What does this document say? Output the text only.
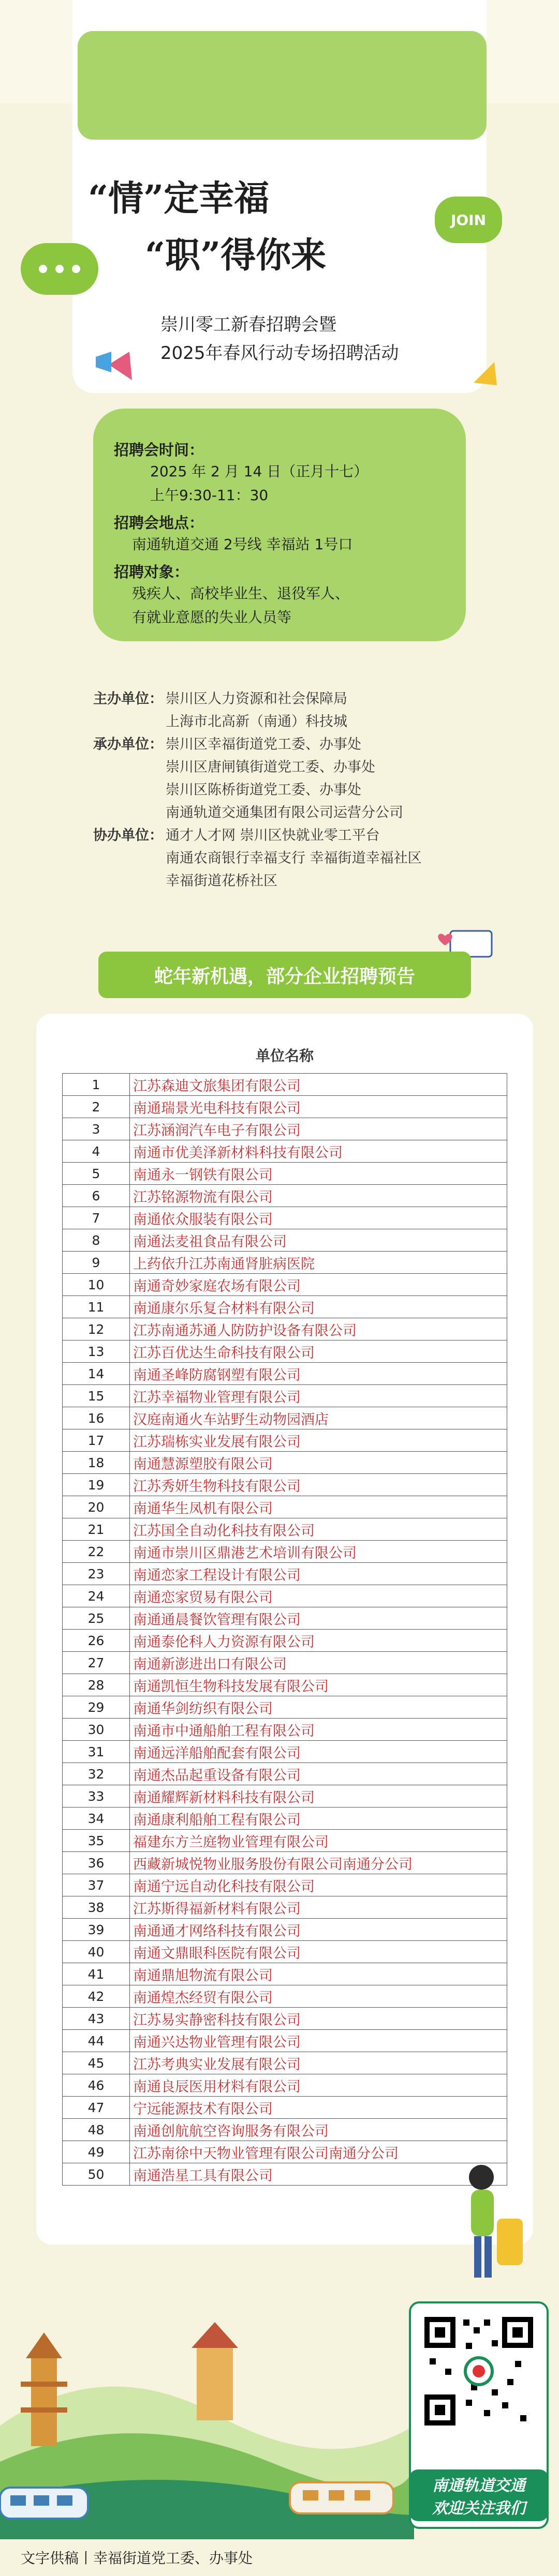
“情”定幸福
“职”得你来
崇川零工新春招聘会暨
2025年春风行动专场招聘活动
JOIN
招聘会时间：
2025 年 2 月 14 日（正月十七）
上午9:30-11：30
招聘会地点：
南通轨道交通 2号线 幸福站 1号口
招聘对象：
残疾人、高校毕业生、退役军人、
有就业意愿的失业人员等
主办单位： 崇川区人力资源和社会保障局
上海市北高新（南通）科技城
承办单位： 崇川区幸福街道党工委、办事处
崇川区唐闸镇街道党工委、办事处
崇川区陈桥街道党工委、办事处
南通轨道交通集团有限公司运营分公司
协办单位： 通才人才网 崇川区快就业零工平台
南通农商银行幸福支行 幸福街道幸福社区
幸福街道花桥社区
蛇年新机遇，部分企业招聘预告
单位名称
1	江苏森迪文旅集团有限公司
2	南通瑞景光电科技有限公司
3	江苏涵润汽车电子有限公司
4	南通市优美泽新材料科技有限公司
5	南通永一钢铁有限公司
6	江苏铭源物流有限公司
7	南通依众服装有限公司
8	南通法麦祖食品有限公司
9	上药依升江苏南通肾脏病医院
10	南通奇妙家庭农场有限公司
11	南通康尔乐复合材料有限公司
12	江苏南通苏通人防防护设备有限公司
13	江苏百优达生命科技有限公司
14	南通圣峰防腐钢塑有限公司
15	江苏幸福物业管理有限公司
16	汉庭南通火车站野生动物园酒店
17	江苏瑞栋实业发展有限公司
18	南通慧源塑胶有限公司
19	江苏秀妍生物科技有限公司
20	南通华生凤机有限公司
21	江苏国全自动化科技有限公司
22	南通市崇川区鼎港艺术培训有限公司
23	南通恋家工程设计有限公司
24	南通恋家贸易有限公司
25	南通通晨餐饮管理有限公司
26	南通泰伦科人力资源有限公司
27	南通新澎进出口有限公司
28	南通凯恒生物科技发展有限公司
29	南通华剑纺织有限公司
30	南通市中通船舶工程有限公司
31	南通远洋船舶配套有限公司
32	南通杰品起重设备有限公司
33	南通耀辉新材料科技有限公司
34	南通康利船舶工程有限公司
35	福建东方兰庭物业管理有限公司
36	西藏新城悦物业服务股份有限公司南通分公司
37	南通宁远自动化科技有限公司
38	江苏斯得福新材料有限公司
39	南通通才网络科技有限公司
40	南通文鼎眼科医院有限公司
41	南通鼎旭物流有限公司
42	南通煌杰经贸有限公司
43	江苏易实静密科技有限公司
44	南通兴达物业管理有限公司
45	江苏考典实业发展有限公司
46	南通良辰医用材料有限公司
47	宁远能源技术有限公司
48	南通创航航空咨询服务有限公司
49	江苏南徐中天物业管理有限公司南通分公司
50	南通浩星工具有限公司
南通轨道交通
欢迎关注我们
文字供稿丨幸福街道党工委、办事处
